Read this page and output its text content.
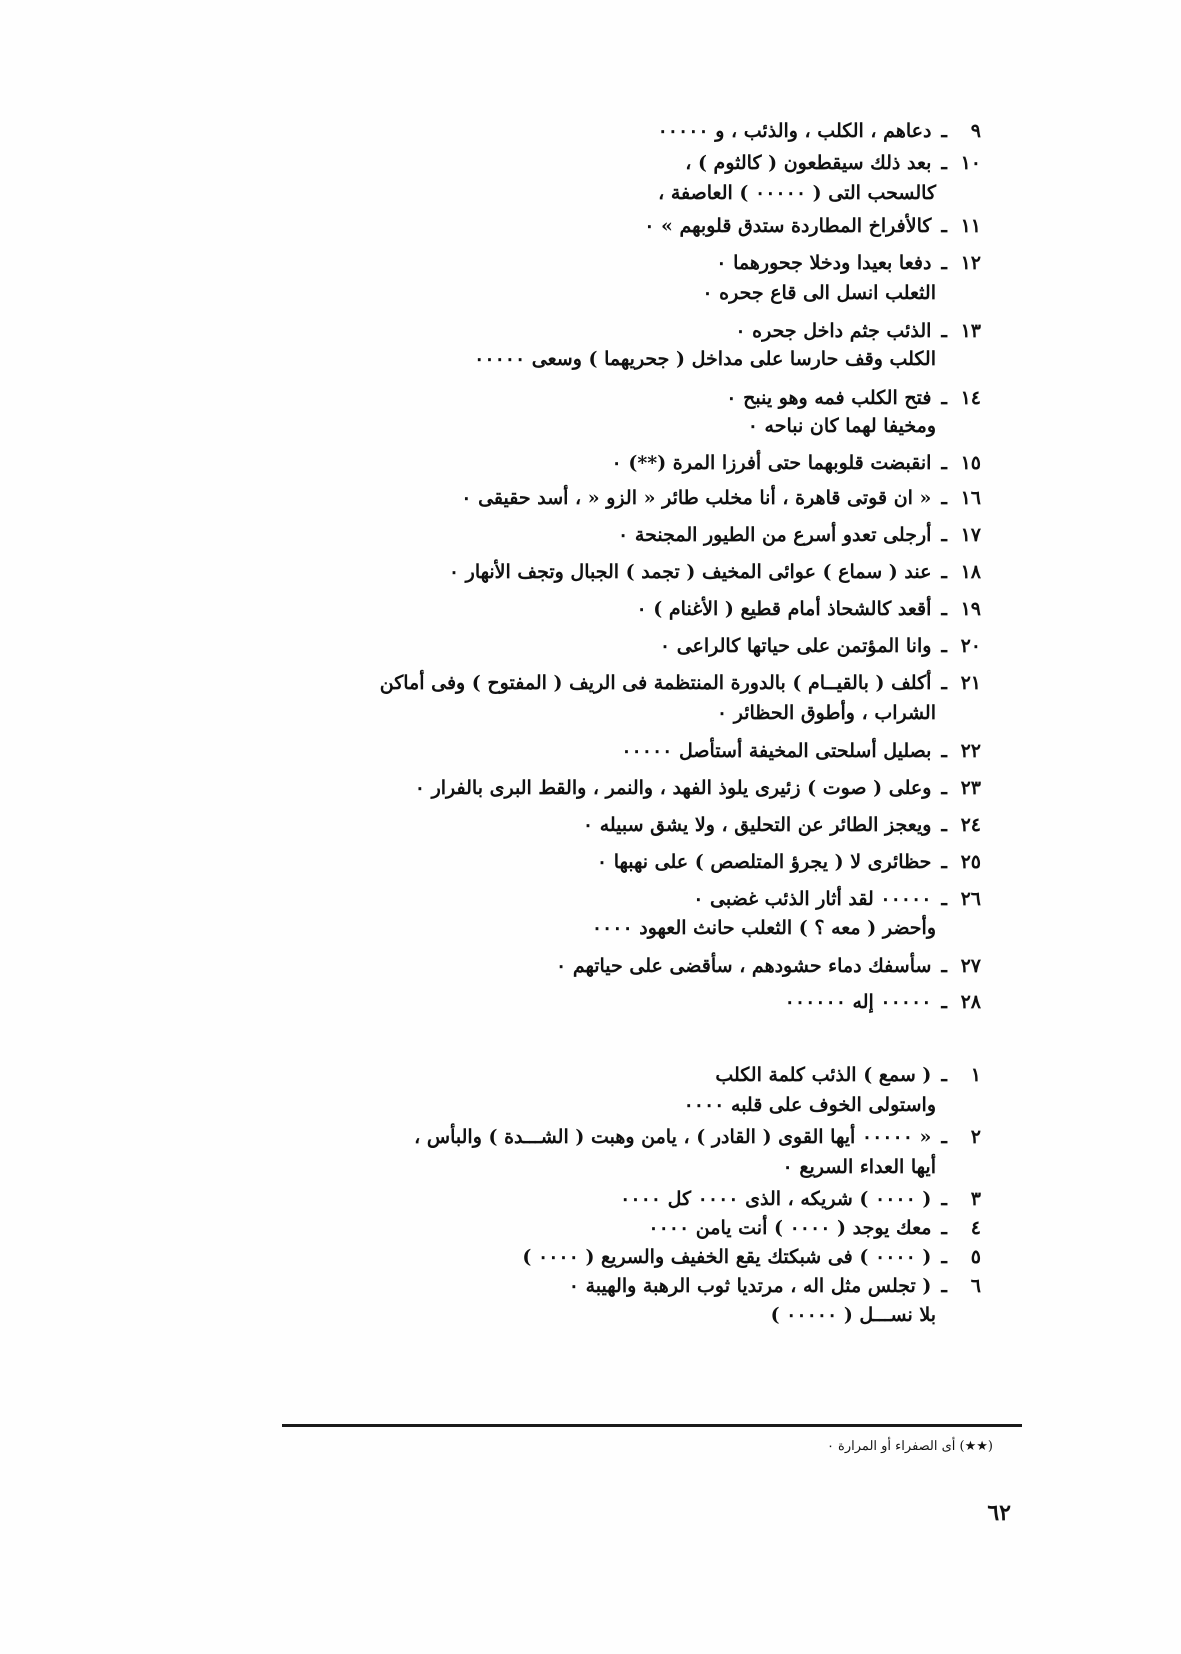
٩ـدعاهم ، الكلب ، والذئب ، و ٠٠٠٠٠
١٠ـبعد ذلك سيقطعون ( كالثوم ) ،
كالسحب التى ( ٠٠٠٠٠ ) العاصفة ،
١١ـكالأفراخ المطاردة ستدق قلوبهم » ٠
١٢ـدفعا بعيدا ودخلا جحورهما ٠
الثعلب انسل الى قاع جحره ٠
١٣ـالذئب جثم داخل جحره ٠
الكلب وقف حارسا على مداخل ( جحريهما ) وسعى ٠٠٠٠٠
١٤ـفتح الكلب فمه وهو ينبح ٠
ومخيفا لهما كان نباحه ٠
١٥ـانقبضت قلوبهما حتى أفرزا المرة (**) ٠
١٦ـ« ان قوتى قاهرة ، أنا مخلب طائر « الزو « ، أسد حقيقى ٠
١٧ـأرجلى تعدو أسرع من الطيور المجنحة ٠
١٨ـعند ( سماع ) عوائى المخيف ( تجمد ) الجبال وتجف الأنهار ٠
١٩ـأقعد كالشحاذ أمام قطيع ( الأغنام ) ٠
٢٠ـوانا المؤتمن على حياتها كالراعى ٠
٢١ـأكلف ( بالقيــام ) بالدورة المنتظمة فى الريف ( المفتوح ) وفى أماكن
الشراب ، وأطوق الحظائر ٠
٢٢ـبصليل أسلحتى المخيفة أستأصل ٠٠٠٠٠
٢٣ـوعلى ( صوت ) زئيرى يلوذ الفهد ، والنمر ، والقط البرى بالفرار ٠
٢٤ـويعجز الطائر عن التحليق ، ولا يشق سبيله ٠
٢٥ـحظائرى لا ( يجرؤ المتلصص ) على نهبها ٠
٢٦ـ٠٠٠٠٠ لقد أثار الذئب غضبى ٠
وأحضر ( معه ؟ ) الثعلب حانث العهود ٠٠٠٠
٢٧ـسأسفك دماء حشودهم ، سأقضى على حياتهم ٠
٢٨ـ٠٠٠٠٠ إله ٠٠٠٠٠٠
١ـ( سمع ) الذئب كلمة الكلب
واستولى الخوف على قلبه ٠٠٠٠
٢ـ« ٠٠٠٠٠ أيها القوى ( القادر ) ، يامن وهبت ( الشـــدة ) والبأس ،
أيها العداء السريع ٠
٣ـ( ٠٠٠٠ ) شريكه ، الذى ٠٠٠٠ كل ٠٠٠٠
٤ـمعك يوجد ( ٠٠٠٠ ) أنت يامن ٠٠٠٠
٥ـ( ٠٠٠٠ ) فى شبكتك يقع الخفيف والسريع ( ٠٠٠٠ )
٦ـ( تجلس مثل اله ، مرتديا ثوب الرهبة والهيبة ٠
بلا نســـل ( ٠٠٠٠٠ )
(★★) أى الصفراء أو المرارة ٠
٦٢
